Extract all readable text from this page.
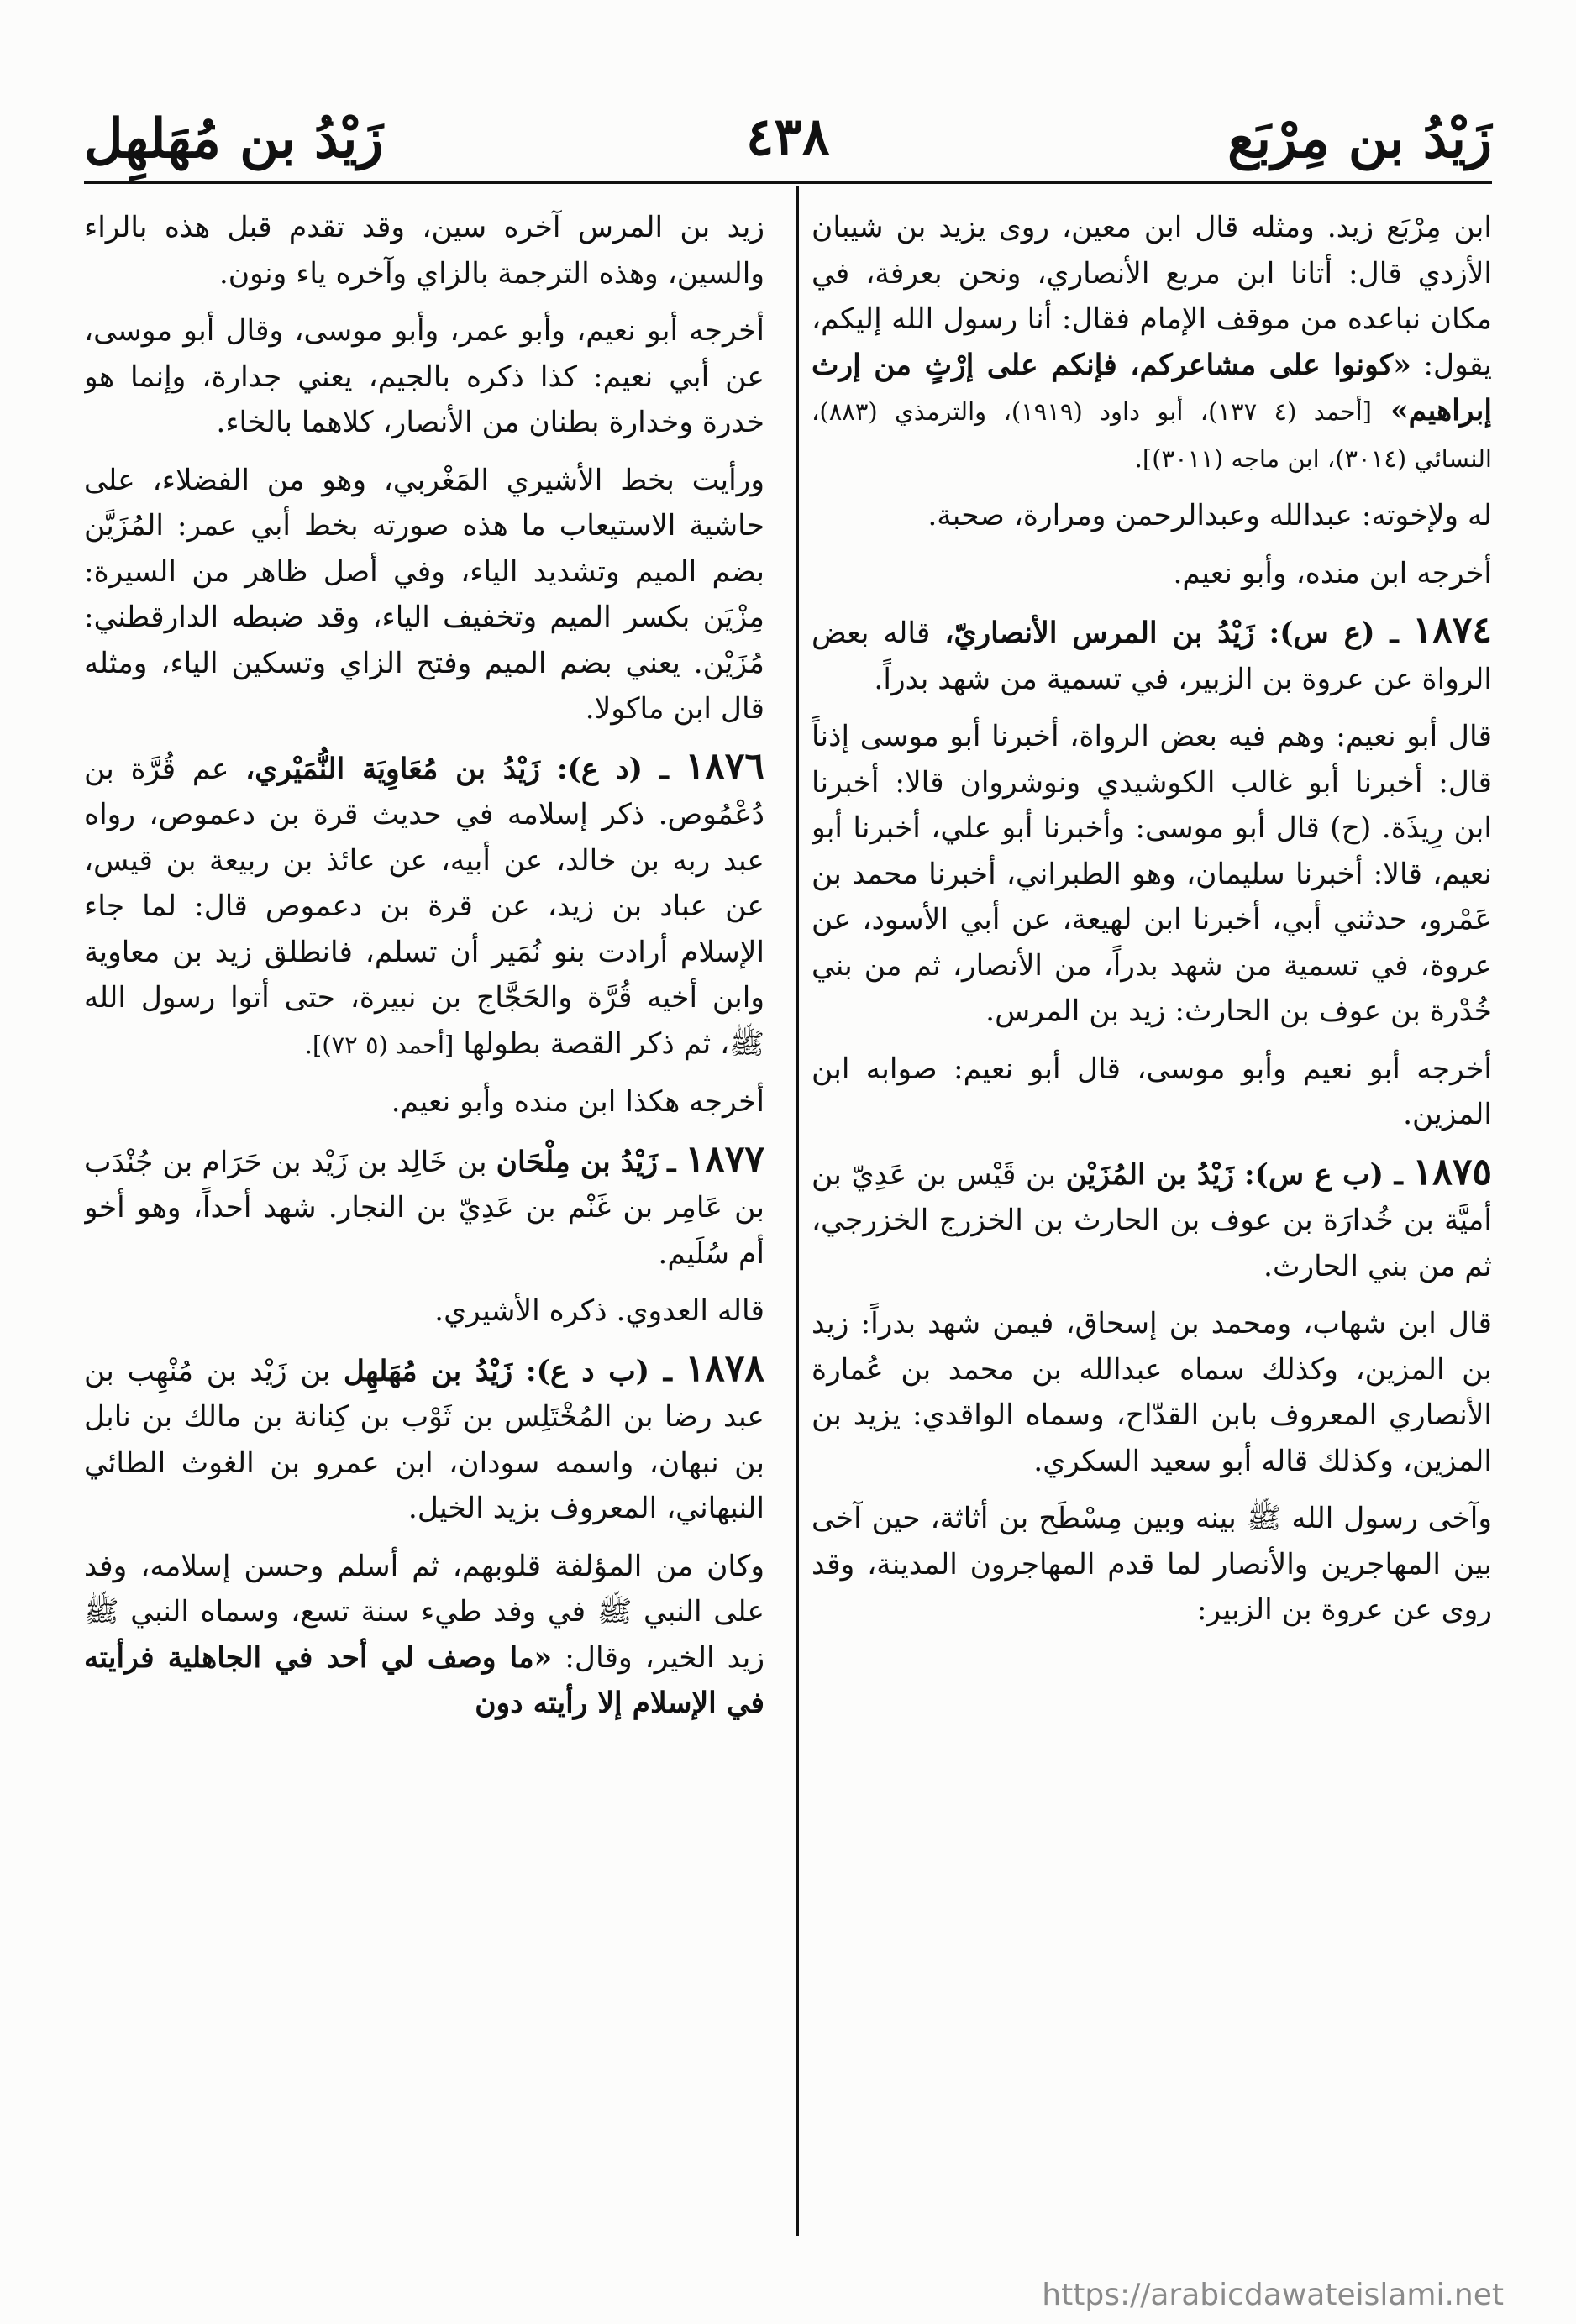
زَيْدُ بن مِرْبَع
٤٣٨
زَيْدُ بن مُهَلهِل

ابن مِرْبَع زيد. ومثله قال ابن معين، روى يزيد بن شيبان الأزدي قال: أتانا ابن مربع الأنصاري، ونحن بعرفة، في مكان نباعده من موقف الإمام فقال: أنا رسول الله إليكم، يقول: «كونوا على مشاعركم، فإنكم على إرْثٍ من إرث إبراهيم» [أحمد (٤ ١٣٧)، أبو داود (١٩١٩)، والترمذي (٨٨٣)، النسائي (٣٠١٤)، ابن ماجه (٣٠١١)].

له ولإخوته: عبدالله وعبدالرحمن ومرارة، صحبة.

أخرجه ابن منده، وأبو نعيم.

١٨٧٤ ـ (ع س): زَيْدُ بن المرس الأنصاريّ، قاله بعض الرواة عن عروة بن الزبير، في تسمية من شهد بدراً.

قال أبو نعيم: وهم فيه بعض الرواة، أخبرنا أبو موسى إذناً قال: أخبرنا أبو غالب الكوشيدي ونوشروان قالا: أخبرنا ابن رِيذَة. (ح) قال أبو موسى: وأخبرنا أبو علي، أخبرنا أبو نعيم، قالا: أخبرنا سليمان، وهو الطبراني، أخبرنا محمد بن عَمْرو، حدثني أبي، أخبرنا ابن لهيعة، عن أبي الأسود، عن عروة، في تسمية من شهد بدراً، من الأنصار، ثم من بني خُدْرة بن عوف بن الحارث: زيد بن المرس.

أخرجه أبو نعيم وأبو موسى، قال أبو نعيم: صوابه ابن المزين.

١٨٧٥ ـ (ب ع س): زَيْدُ بن المُزَيْن بن قَيْس بن عَدِيّ بن أميَّة بن خُدارَة بن عوف بن الحارث بن الخزرج الخزرجي، ثم من بني الحارث.

قال ابن شهاب، ومحمد بن إسحاق، فيمن شهد بدراً: زيد بن المزين، وكذلك سماه عبدالله بن محمد بن عُمارة الأنصاري المعروف بابن القدّاح، وسماه الواقدي: يزيد بن المزين، وكذلك قاله أبو سعيد السكري.

وآخى رسول الله ﷺ بينه وبين مِسْطَح بن أثاثة، حين آخى بين المهاجرين والأنصار لما قدم المهاجرون المدينة، وقد روى عن عروة بن الزبير:

زيد بن المرس آخره سين، وقد تقدم قبل هذه بالراء والسين، وهذه الترجمة بالزاي وآخره ياء ونون.

أخرجه أبو نعيم، وأبو عمر، وأبو موسى، وقال أبو موسى، عن أبي نعيم: كذا ذكره بالجيم، يعني جدارة، وإنما هو خدرة وخدارة بطنان من الأنصار، كلاهما بالخاء.

ورأيت بخط الأشيري المَغْربي، وهو من الفضلاء، على حاشية الاستيعاب ما هذه صورته بخط أبي عمر: المُزَيَّن بضم الميم وتشديد الياء، وفي أصل ظاهر من السيرة: مِزْيَن بكسر الميم وتخفيف الياء، وقد ضبطه الدارقطني: مُزَيْن. يعني بضم الميم وفتح الزاي وتسكين الياء، ومثله قال ابن ماكولا.

١٨٧٦ ـ (د ع): زَيْدُ بن مُعَاوِيَة النُّمَيْري، عم قُرَّة بن دُعْمُوص. ذكر إسلامه في حديث قرة بن دعموص، رواه عبد ربه بن خالد، عن أبيه، عن عائذ بن ربيعة بن قيس، عن عباد بن زيد، عن قرة بن دعموص قال: لما جاء الإسلام أرادت بنو نُمَير أن تسلم، فانطلق زيد بن معاوية وابن أخيه قُرَّة والحَجَّاج بن نبيرة، حتى أتوا رسول الله ﷺ، ثم ذكر القصة بطولها [أحمد (٥ ٧٢)].

أخرجه هكذا ابن منده وأبو نعيم.

١٨٧٧ ـ زَيْدُ بن مِلْحَان بن خَالِد بن زَيْد بن حَرَام بن جُنْدَب بن عَامِر بن غَنْم بن عَدِيّ بن النجار. شهد أحداً، وهو أخو أم سُلَيم.

قاله العدوي. ذكره الأشيري.

١٨٧٨ ـ (ب د ع): زَيْدُ بن مُهَلهِل بن زَيْد بن مُنْهِب بن عبد رضا بن المُخْتَلِس بن ثَوْب بن كِنانة بن مالك بن نابل بن نبهان، واسمه سودان، ابن عمرو بن الغوث الطائي النبهاني، المعروف بزيد الخيل.

وكان من المؤلفة قلوبهم، ثم أسلم وحسن إسلامه، وفد على النبي ﷺ في وفد طيء سنة تسع، وسماه النبي ﷺ زيد الخير، وقال: «ما وصف لي أحد في الجاهلية فرأيته في الإسلام إلا رأيته دون

https://arabicdawateislami.net
